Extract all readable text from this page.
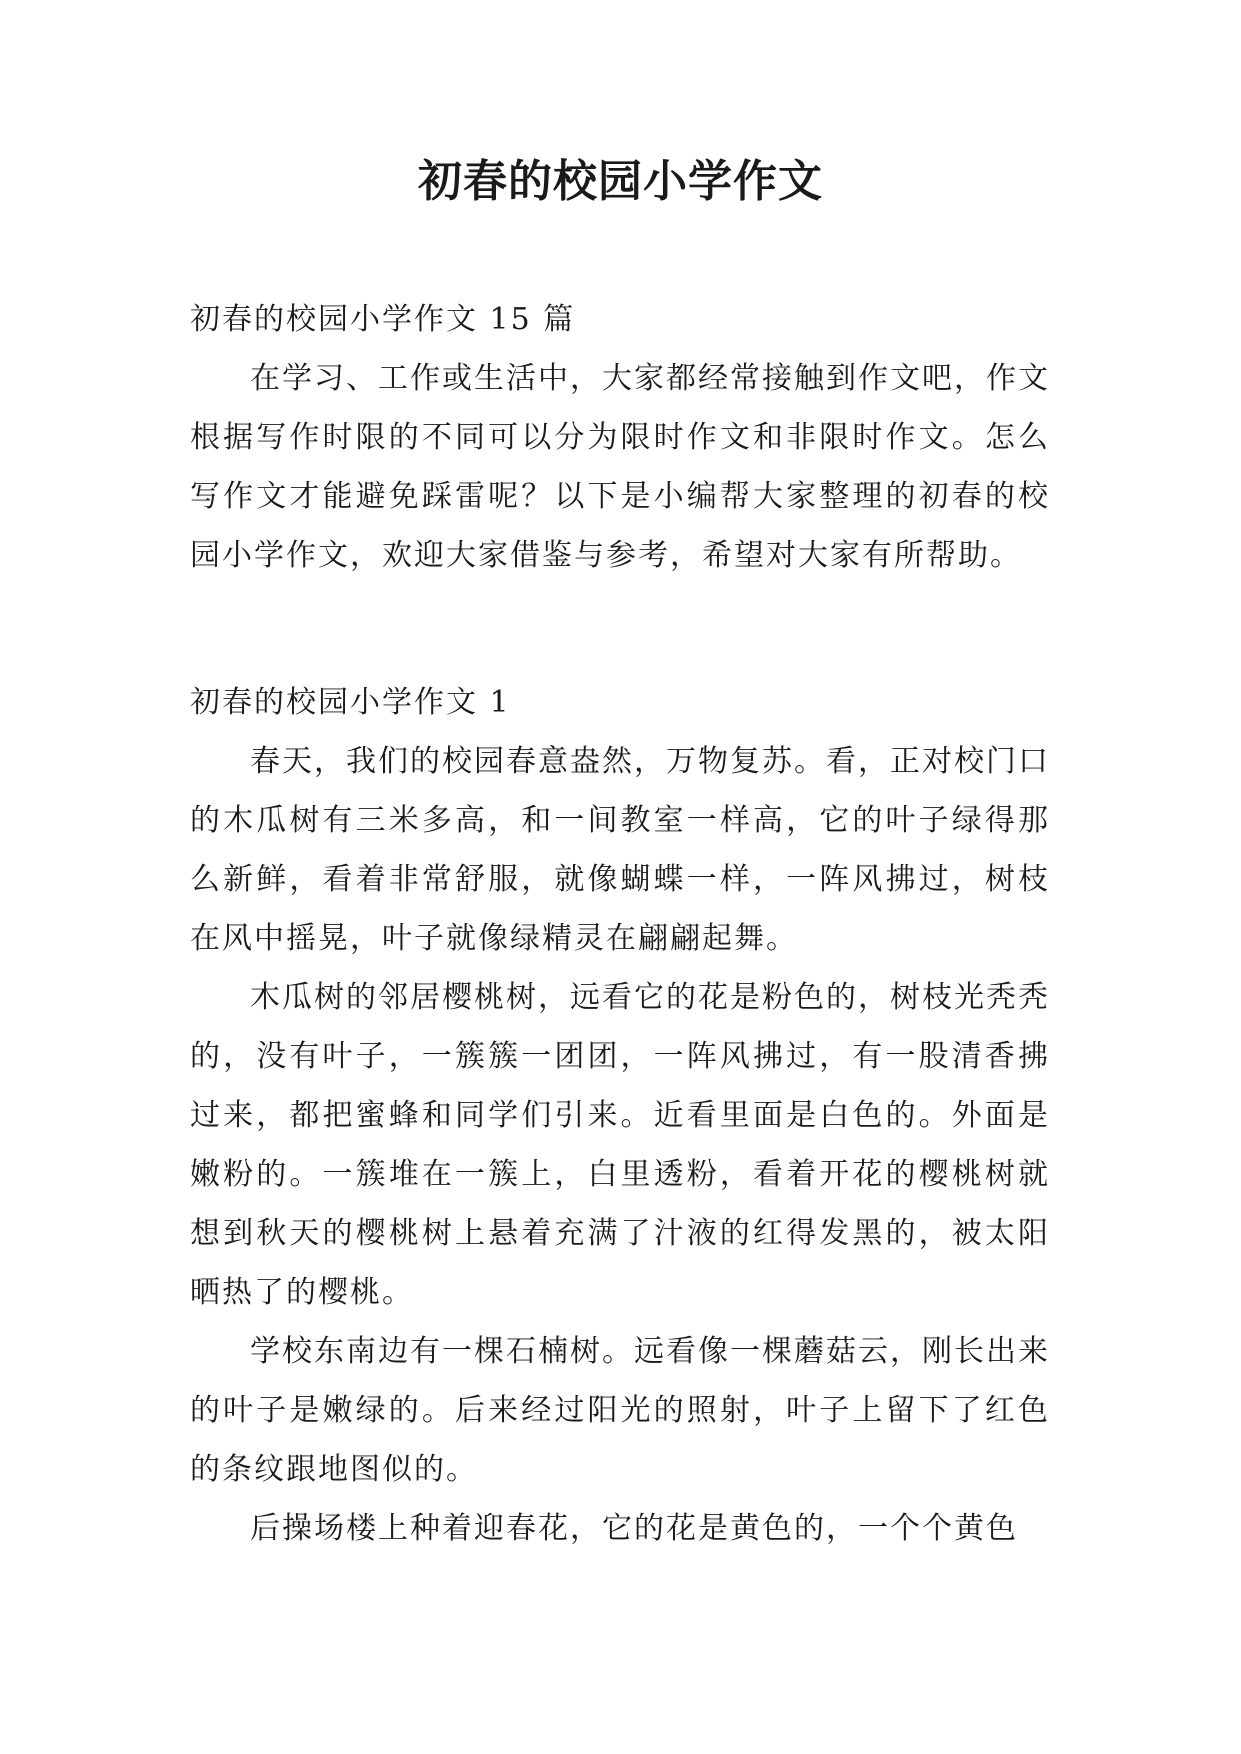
初春的校园小学作文

初春的校园小学作文 15 篇

在学习、工作或生活中，大家都经常接触到作文吧，作文根据写作时限的不同可以分为限时作文和非限时作文。怎么写作文才能避免踩雷呢？以下是小编帮大家整理的初春的校园小学作文，欢迎大家借鉴与参考，希望对大家有所帮助。

初春的校园小学作文 1

春天，我们的校园春意盎然，万物复苏。看，正对校门口的木瓜树有三米多高，和一间教室一样高，它的叶子绿得那么新鲜，看着非常舒服，就像蝴蝶一样，一阵风拂过，树枝在风中摇晃，叶子就像绿精灵在翩翩起舞。

木瓜树的邻居樱桃树，远看它的花是粉色的，树枝光秃秃的，没有叶子，一簇簇一团团，一阵风拂过，有一股清香拂过来，都把蜜蜂和同学们引来。近看里面是白色的。外面是嫩粉的。一簇堆在一簇上，白里透粉，看着开花的樱桃树就想到秋天的樱桃树上悬着充满了汁液的红得发黑的，被太阳晒热了的樱桃。

学校东南边有一棵石楠树。远看像一棵蘑菇云，刚长出来的叶子是嫩绿的。后来经过阳光的照射，叶子上留下了红色的条纹跟地图似的。

后操场楼上种着迎春花，它的花是黄色的，一个个黄色
